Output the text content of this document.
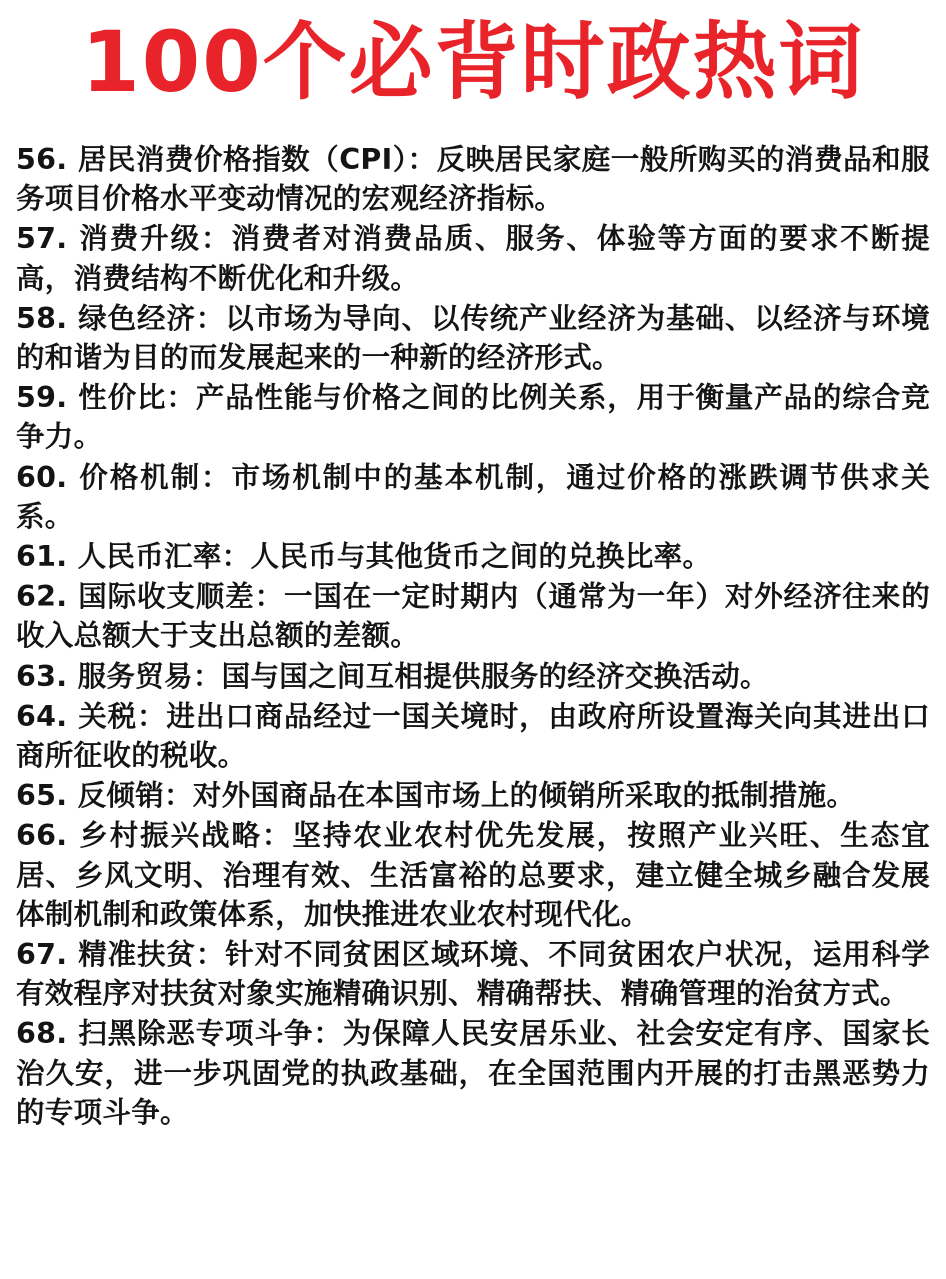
100个必背时政热词
56. 居民消费价格指数（CPI）：反映居民家庭一般所购买的消费品和服务项目价格水平变动情况的宏观经济指标。
57. 消费升级：消费者对消费品质、服务、体验等方面的要求不断提高，消费结构不断优化和升级。
58. 绿色经济：以市场为导向、以传统产业经济为基础、以经济与环境的和谐为目的而发展起来的一种新的经济形式。
59. 性价比：产品性能与价格之间的比例关系，用于衡量产品的综合竞争力。
60. 价格机制：市场机制中的基本机制，通过价格的涨跌调节供求关系。
61. 人民币汇率：人民币与其他货币之间的兑换比率。
62. 国际收支顺差：一国在一定时期内（通常为一年）对外经济往来的收入总额大于支出总额的差额。
63. 服务贸易：国与国之间互相提供服务的经济交换活动。
64. 关税：进出口商品经过一国关境时，由政府所设置海关向其进出口商所征收的税收。
65. 反倾销：对外国商品在本国市场上的倾销所采取的抵制措施。
66. 乡村振兴战略：坚持农业农村优先发展，按照产业兴旺、生态宜居、乡风文明、治理有效、生活富裕的总要求，建立健全城乡融合发展体制机制和政策体系，加快推进农业农村现代化。
67. 精准扶贫：针对不同贫困区域环境、不同贫困农户状况，运用科学有效程序对扶贫对象实施精确识别、精确帮扶、精确管理的治贫方式。
68. 扫黑除恶专项斗争：为保障人民安居乐业、社会安定有序、国家长治久安，进一步巩固党的执政基础，在全国范围内开展的打击黑恶势力的专项斗争。
